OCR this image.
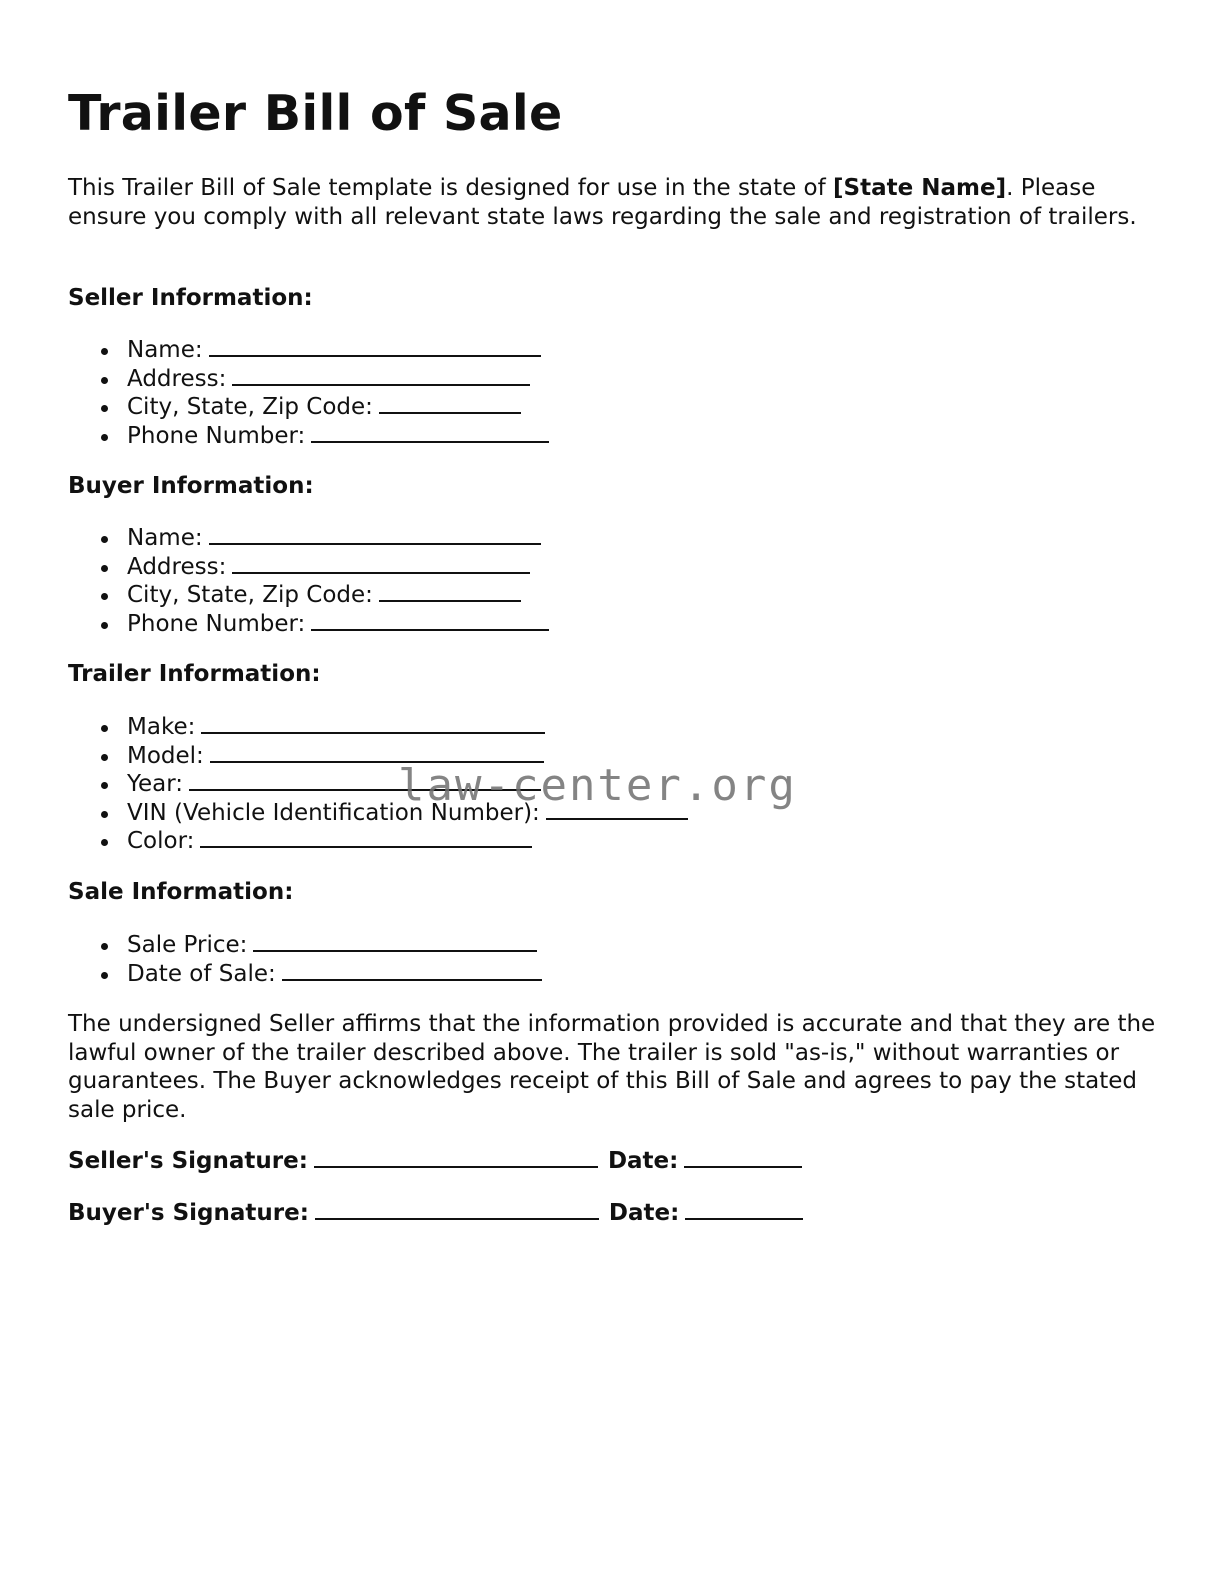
Trailer Bill of Sale

This Trailer Bill of Sale template is designed for use in the state of [State Name]. Please ensure you comply with all relevant state laws regarding the sale and registration of trailers.

Seller Information:

Name:
Address:
City, State, Zip Code:
Phone Number:

Buyer Information:

Name:
Address:
City, State, Zip Code:
Phone Number:

Trailer Information:

Make:
Model:
Year:
VIN (Vehicle Identification Number):
Color:

Sale Information:

Sale Price:
Date of Sale:

The undersigned Seller affirms that the information provided is accurate and that they are the lawful owner of the trailer described above. The trailer is sold "as-is," without warranties or guarantees. The Buyer acknowledges receipt of this Bill of Sale and agrees to pay the stated sale price.

Seller's Signature:	Date:

Buyer's Signature:	Date:

law-center.org
